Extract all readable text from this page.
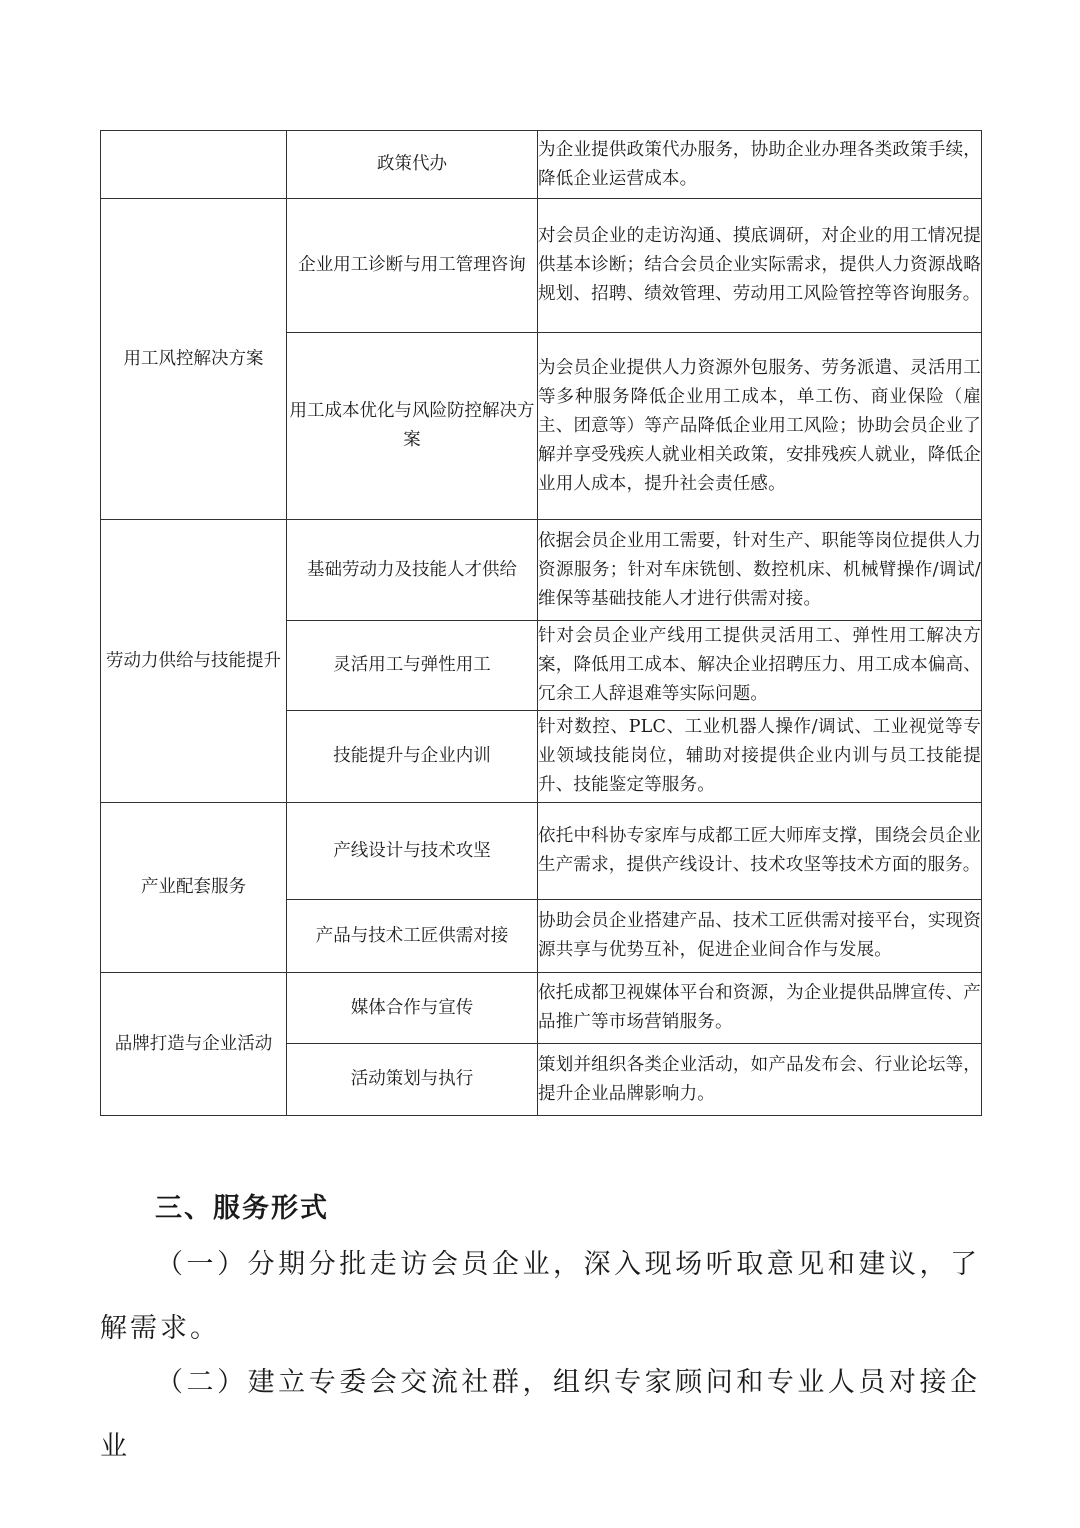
	政策代办	为企业提供政策代办服务，协助企业办理各类政策手续，降低企业运营成本。
用工风控解决方案	企业用工诊断与用工管理咨询	对会员企业的走访沟通、摸底调研，对企业的用工情况提供基本诊断；结合会员企业实际需求，提供人力资源战略规划、招聘、绩效管理、劳动用工风险管控等咨询服务。
	用工成本优化与风险防控解决方案	为会员企业提供人力资源外包服务、劳务派遣、灵活用工等多种服务降低企业用工成本，单工伤、商业保险（雇主、团意等）等产品降低企业用工风险；协助会员企业了解并享受残疾人就业相关政策，安排残疾人就业，降低企业用人成本，提升社会责任感。
劳动力供给与技能提升	基础劳动力及技能人才供给	依据会员企业用工需要，针对生产、职能等岗位提供人力资源服务；针对车床铣刨、数控机床、机械臂操作/调试/维保等基础技能人才进行供需对接。
	灵活用工与弹性用工	针对会员企业产线用工提供灵活用工、弹性用工解决方案，降低用工成本、解决企业招聘压力、用工成本偏高、冗余工人辞退难等实际问题。
	技能提升与企业内训	针对数控、PLC、工业机器人操作/调试、工业视觉等专业领域技能岗位，辅助对接提供企业内训与员工技能提升、技能鉴定等服务。
产业配套服务	产线设计与技术攻坚	依托中科协专家库与成都工匠大师库支撑，围绕会员企业生产需求，提供产线设计、技术攻坚等技术方面的服务。
	产品与技术工匠供需对接	协助会员企业搭建产品、技术工匠供需对接平台，实现资源共享与优势互补，促进企业间合作与发展。
品牌打造与企业活动	媒体合作与宣传	依托成都卫视媒体平台和资源，为企业提供品牌宣传、产品推广等市场营销服务。
	活动策划与执行	策划并组织各类企业活动，如产品发布会、行业论坛等，提升企业品牌影响力。
三、服务形式
（一）分期分批走访会员企业，深入现场听取意见和建议，了解需求。
（二）建立专委会交流社群，组织专家顾问和专业人员对接企业
